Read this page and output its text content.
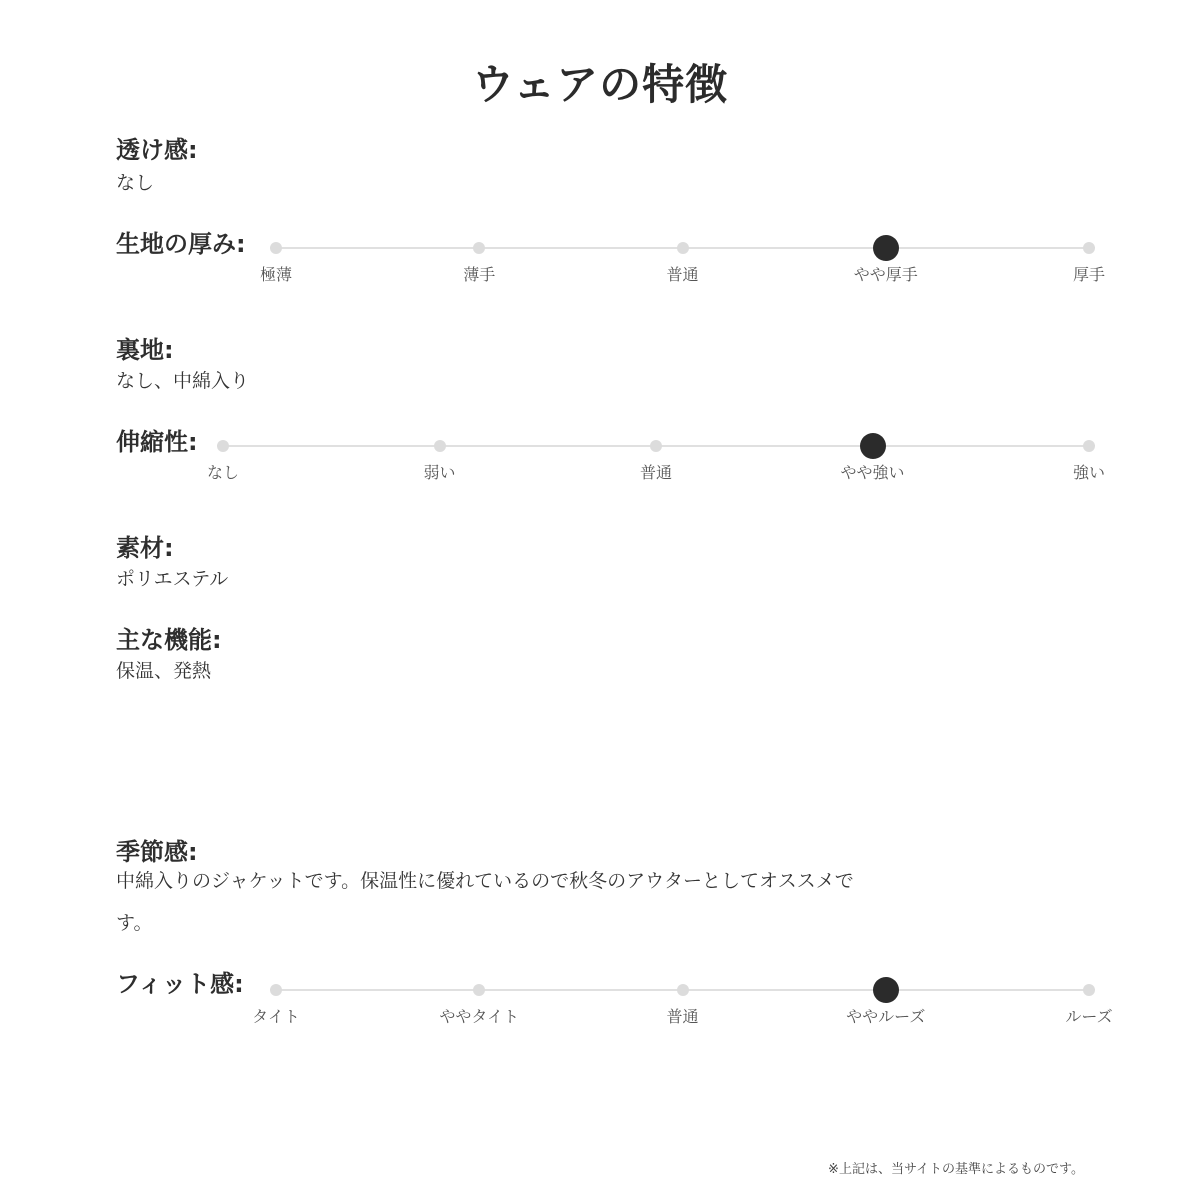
ウェアの特徴
透け感:
なし
生地の厚み:
極薄	薄手	普通	やや厚手	厚手
裏地:
なし、中綿入り
伸縮性:
なし	弱い	普通	やや強い	強い
素材:
ポリエステル
主な機能:
保温、発熱
季節感:
中綿入りのジャケットです。保温性に優れているので秋冬のアウターとしてオススメです。
フィット感:
タイト	ややタイト	普通	ややルーズ	ルーズ
※上記は、当サイトの基準によるものです。
